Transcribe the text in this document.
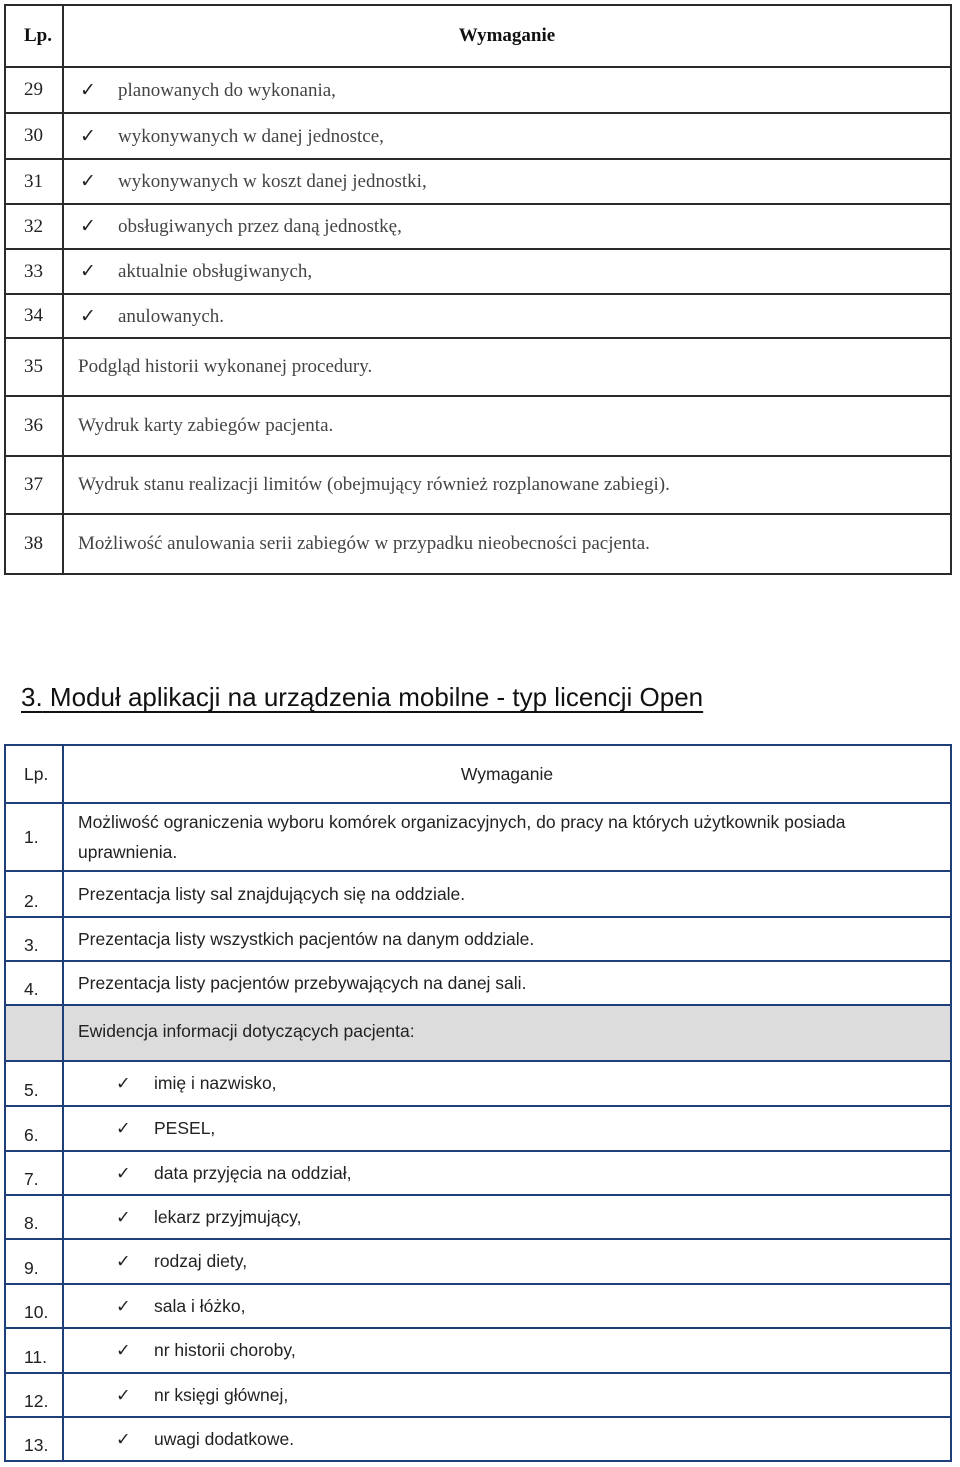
Lp.	Wymaganie
29	✓ planowanych do wykonania,
30	✓ wykonywanych w danej jednostce,
31	✓ wykonywanych w koszt danej jednostki,
32	✓ obsługiwanych przez daną jednostkę,
33	✓ aktualnie obsługiwanych,
34	✓ anulowanych.
35	Podgląd historii wykonanej procedury.
36	Wydruk karty zabiegów pacjenta.
37	Wydruk stanu realizacji limitów (obejmujący również rozplanowane zabiegi).
38	Możliwość anulowania serii zabiegów w przypadku nieobecności pacjenta.
3. Moduł aplikacji na urządzenia mobilne - typ licencji Open
Lp.	Wymaganie
1.	Możliwość ograniczenia wyboru komórek organizacyjnych, do pracy na których użytkownik posiada uprawnienia.
2.	Prezentacja listy sal znajdujących się na oddziale.
3.	Prezentacja listy wszystkich pacjentów na danym oddziale.
4.	Prezentacja listy pacjentów przebywających na danej sali.
	Ewidencja informacji dotyczących pacjenta:
5.	✓ imię i nazwisko,
6.	✓ PESEL,
7.	✓ data przyjęcia na oddział,
8.	✓ lekarz przyjmujący,
9.	✓ rodzaj diety,
10.	✓ sala i łóżko,
11.	✓ nr historii choroby,
12.	✓ nr księgi głównej,
13.	✓ uwagi dodatkowe.
